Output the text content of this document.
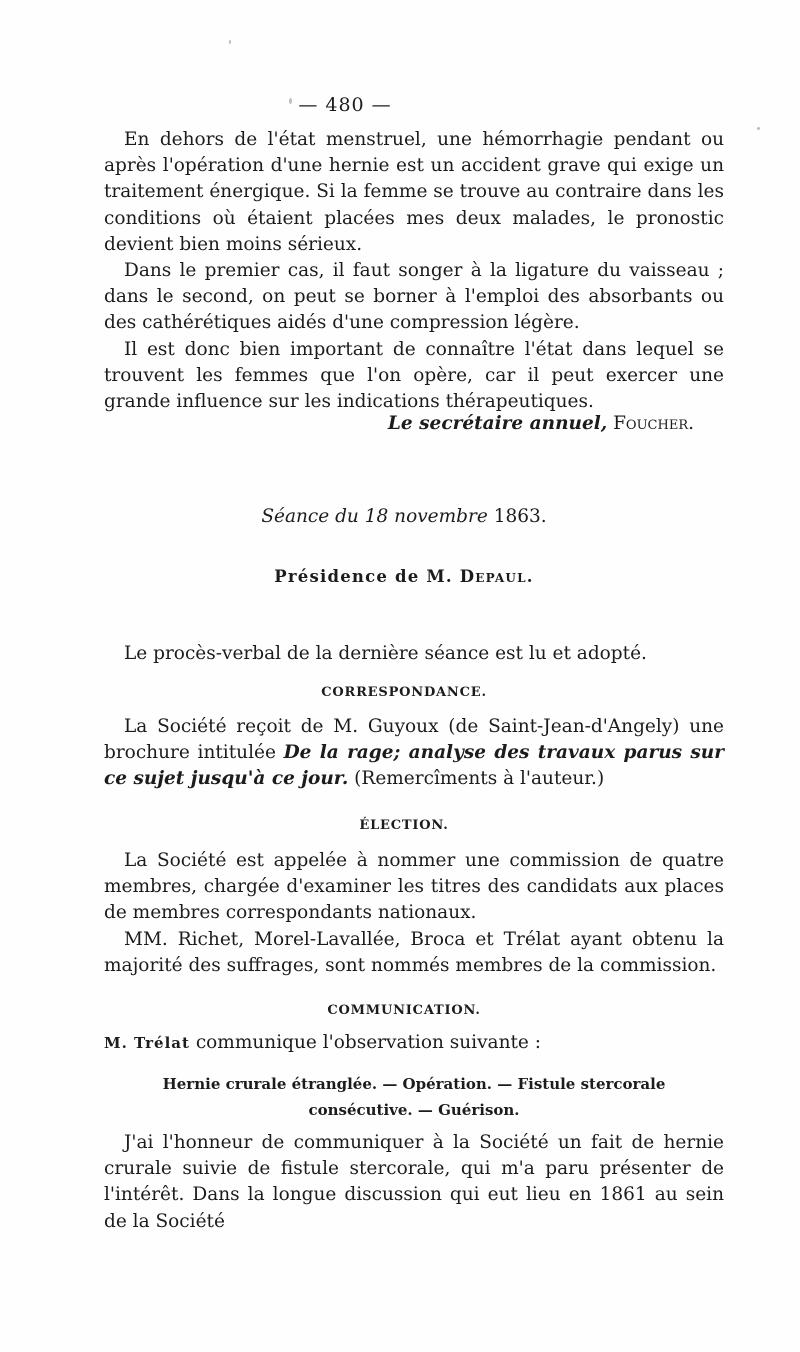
— 480 —

En dehors de l'état menstruel, une hémorrhagie pendant ou après l'opération d'une hernie est un accident grave qui exige un traitement énergique. Si la femme se trouve au contraire dans les conditions où étaient placées mes deux malades, le pronostic devient bien moins sérieux.

Dans le premier cas, il faut songer à la ligature du vaisseau ; dans le second, on peut se borner à l'emploi des absorbants ou des cathérétiques aidés d'une compression légère.

Il est donc bien important de connaître l'état dans lequel se trouvent les femmes que l'on opère, car il peut exercer une grande influence sur les indications thérapeutiques.

Le secrétaire annuel, Foucher.
Séance du 18 novembre 1863.
Présidence de M. Depaul.

Le procès-verbal de la dernière séance est lu et adopté.

CORRESPONDANCE.

La Société reçoit de M. Guyoux (de Saint-Jean-d'Angely) une brochure intitulée De la rage; analyse des travaux parus sur ce sujet jusqu'à ce jour. (Remercîments à l'auteur.)

ÉLECTION.

La Société est appelée à nommer une commission de quatre membres, chargée d'examiner les titres des candidats aux places de membres correspondants nationaux.

MM. Richet, Morel-Lavallée, Broca et Trélat ayant obtenu la majorité des suffrages, sont nommés membres de la commission.

COMMUNICATION.
M. Trélat communique l'observation suivante :
Hernie crurale étranglée. — Opération. — Fistule stercorale
consécutive. — Guérison.

J'ai l'honneur de communiquer à la Société un fait de hernie crurale suivie de fistule stercorale, qui m'a paru présenter de l'intérêt. Dans la longue discussion qui eut lieu en 1861 au sein de la Société
